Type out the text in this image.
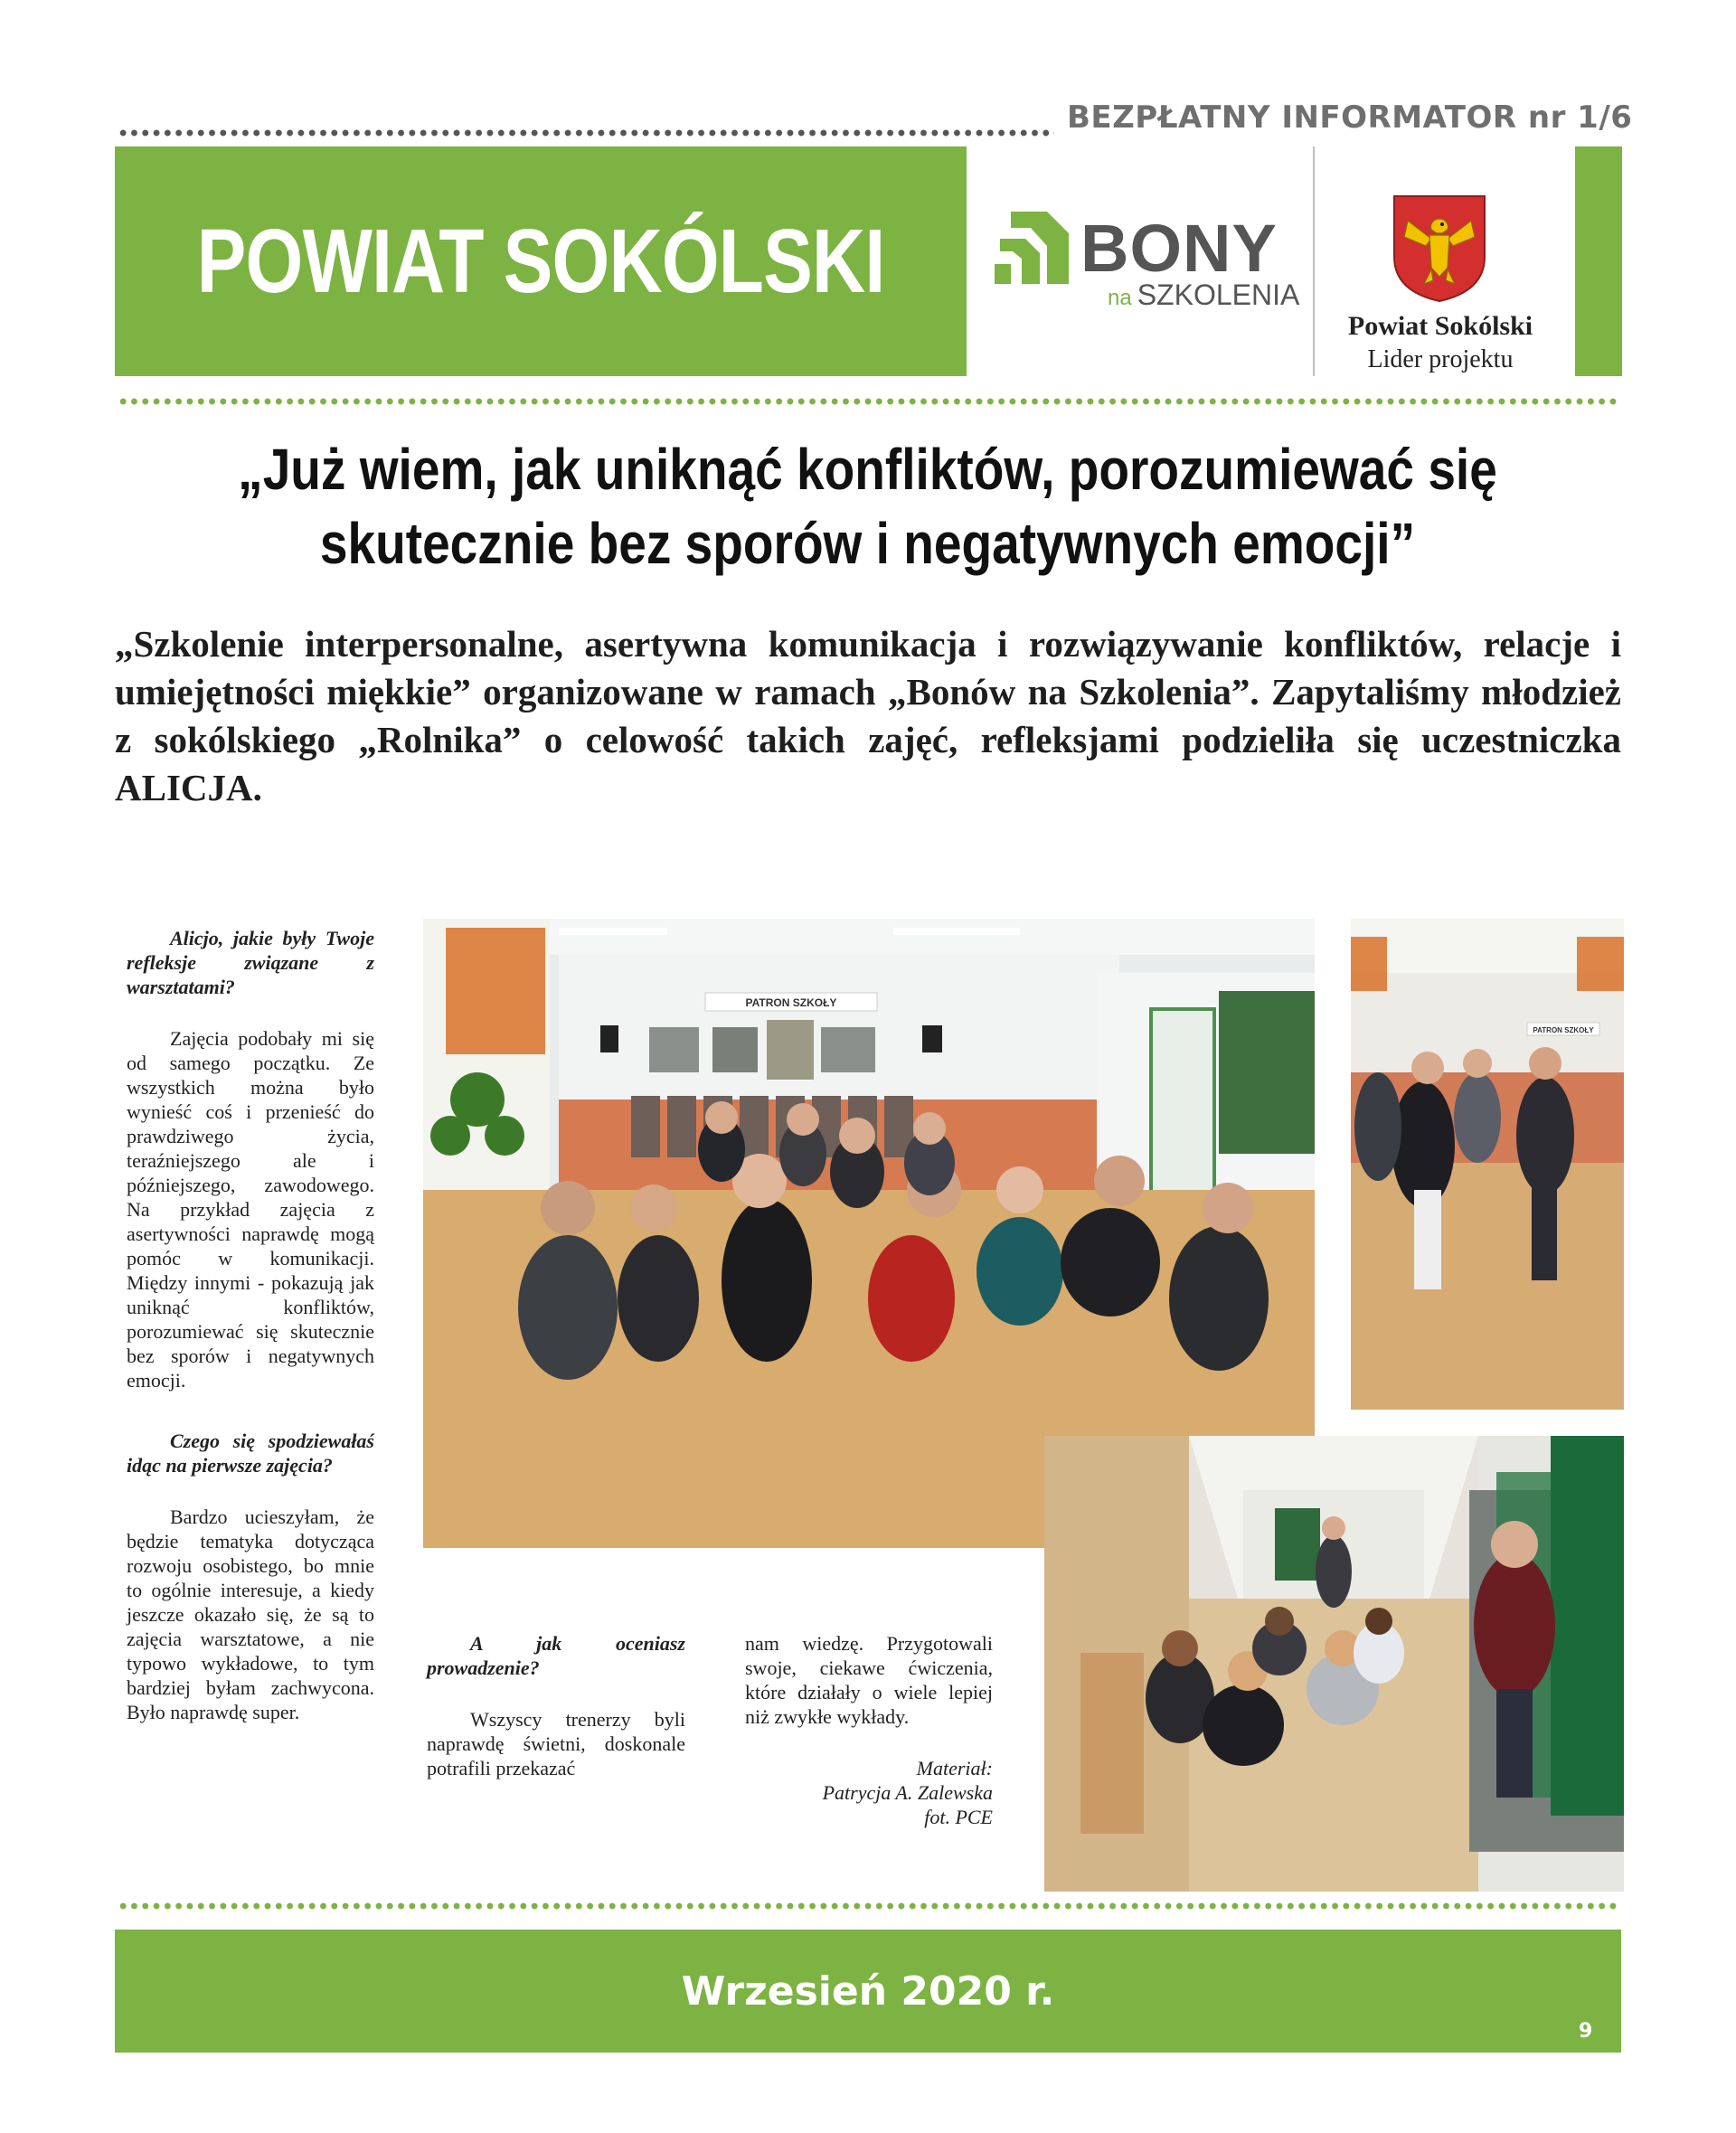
BEZPŁATNY INFORMATOR nr 1/6
POWIAT SOKÓLSKI	BONY
na SZKOLENIA
Powiat Sokólski
Lider projektu
„Już wiem, jak uniknąć konfliktów, porozumiewać się
skutecznie bez sporów i negatywnych emocji”
„Szkolenie interpersonalne, asertywna komunikacja i rozwiązywanie konfliktów, relacje i umiejętności miękkie” organizowane w ramach „Bonów na Szkolenia”. Zapytaliśmy młodzież z sokólskiego „Rolnika” o celowość takich zajęć, refleksjami podzieliła się uczestniczka ALICJA.

Alicjo, jakie były Twoje refleksje związane z warsztatami?

Zajęcia podobały mi się od samego początku. Ze wszystkich można było wynieść coś i przenieść do prawdziwego życia, teraźniejszego ale i późniejszego, zawodowego. Na przykład zajęcia z asertywności naprawdę mogą pomóc w komunikacji. Między innymi - pokazują jak uniknąć konfliktów, porozumiewać się skutecznie bez sporów i negatywnych emocji.

Czego się spodziewałaś idąc na pierwsze zajęcia?

Bardzo ucieszyłam, że będzie tematyka dotycząca rozwoju osobistego, bo mnie to ogólnie interesuje, a kiedy jeszcze okazało się, że są to zajęcia warsztatowe, a nie typowo wykładowe, to tym bardziej byłam zachwycona. Było naprawdę super.

PATRON SZKOŁY
PATRON SZKOŁY

A jak oceniasz prowadzenie?

Wszyscy trenerzy byli naprawdę świetni, doskonale potrafili przekazać

nam wiedzę. Przygotowali swoje, ciekawe ćwiczenia, które działały o wiele lepiej niż zwykłe wykłady.

Materiał:
Patrycja A. Zalewska
fot. PCE
Wrzesień 2020 r.
9
